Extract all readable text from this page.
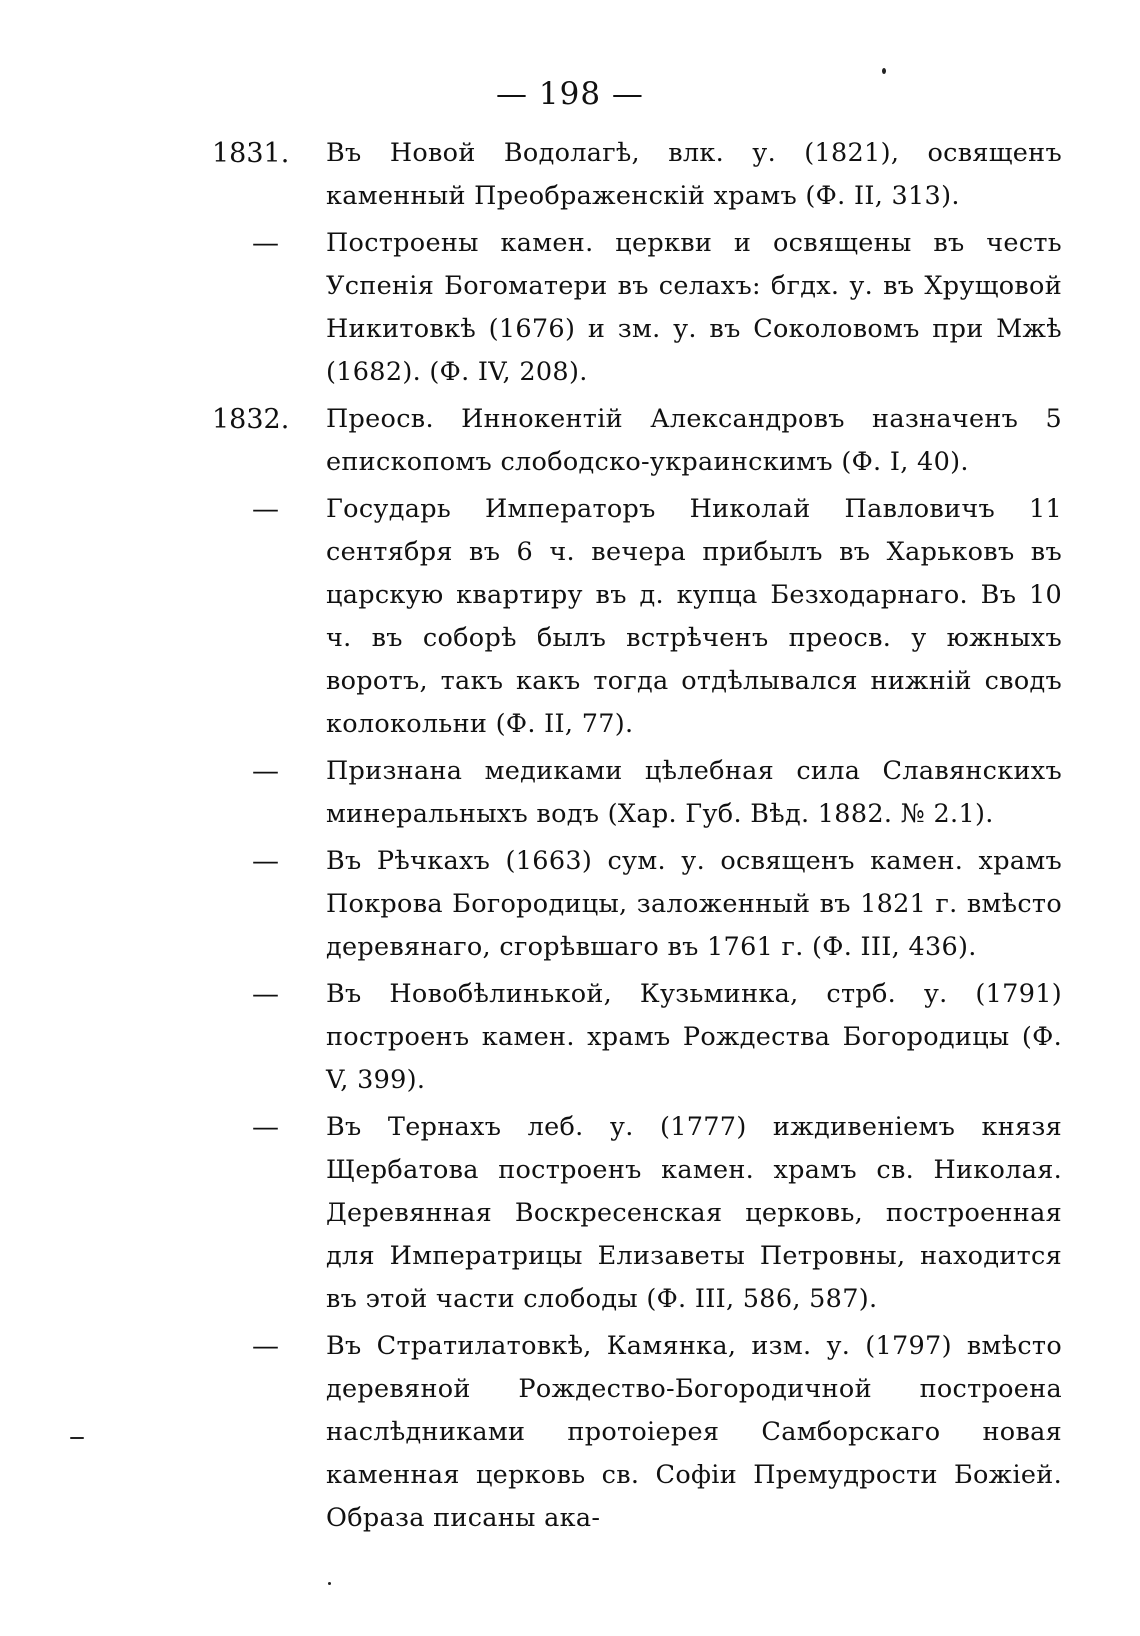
— 198 —
1831.	Въ Новой Водолагѣ, влк. у. (1821), освященъ каменный Преображенскій храмъ (Ф. II, 313).
—	Построены камен. церкви и освящены въ честь Успенія Богоматери въ селахъ: бгдх. у. въ Хрущовой Никитовкѣ (1676) и зм. у. въ Соколовомъ при Мжѣ (1682). (Ф. IV, 208).
1832.	Преосв. Иннокентій Александровъ назначенъ 5 епископомъ слободско-украинскимъ (Ф. I, 40).
—	Государь Императоръ Николай Павловичъ 11 сентября въ 6 ч. вечера прибылъ въ Харьковъ въ царскую квартиру въ д. купца Безходарнаго. Въ 10 ч. въ соборѣ былъ встрѣченъ преосв. у южныхъ воротъ, такъ какъ тогда отдѣлывался нижній сводъ колокольни (Ф. II, 77).
—	Признана медиками цѣлебная сила Славянскихъ минеральныхъ водъ (Хар. Губ. Вѣд. 1882. № 2.1).
—	Въ Рѣчкахъ (1663) сум. у. освященъ камен. храмъ Покрова Богородицы, заложенный въ 1821 г. вмѣсто деревянаго, сгорѣвшаго въ 1761 г. (Ф. III, 436).
—	Въ Новобѣлинькой, Кузьминка, стрб. у. (1791) построенъ камен. храмъ Рождества Богородицы (Ф. V, 399).
—	Въ Тернахъ леб. у. (1777) иждивеніемъ князя Щербатова построенъ камен. храмъ св. Николая. Деревянная Воскресенская церковь, построенная для Императрицы Елизаветы Петровны, находится въ этой части слободы (Ф. III, 586, 587).
—	Въ Стратилатовкѣ, Камянка, изм. у. (1797) вмѣсто деревяной Рождество-Богородичной построена наслѣдниками протоіерея Самборскаго новая каменная церковь св. Софіи Премудрости Божіей. Образа писаны ака-
